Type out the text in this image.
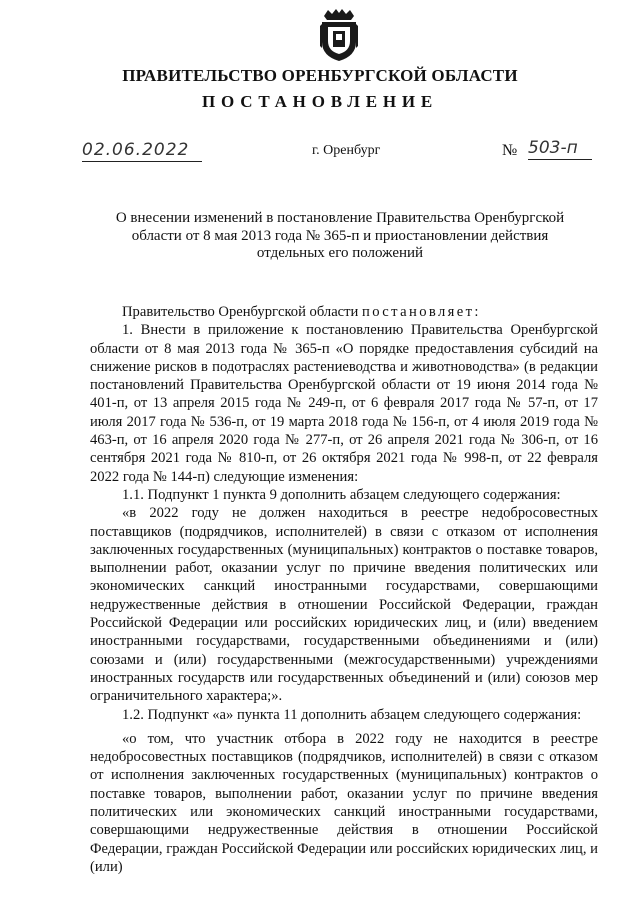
ПРАВИТЕЛЬСТВО ОРЕНБУРГСКОЙ ОБЛАСТИ
ПОСТАНОВЛЕНИЕ
02.06.2022	г. Оренбург	№ 503-п
О внесении изменений в постановление Правительства Оренбургской области от 8 мая 2013 года № 365-п и приостановлении действия отдельных его положений

Правительство Оренбургской области постановляет:

1. Внести в приложение к постановлению Правительства Оренбургской области от 8 мая 2013 года № 365-п «О порядке предоставления субсидий на снижение рисков в подотраслях растениеводства и животноводства» (в редакции постановлений Правительства Оренбургской области от 19 июня 2014 года № 401-п, от 13 апреля 2015 года № 249-п, от 6 февраля 2017 года № 57-п, от 17 июля 2017 года № 536-п, от 19 марта 2018 года № 156-п, от 4 июля 2019 года № 463-п, от 16 апреля 2020 года № 277-п, от 26 апреля 2021 года № 306-п, от 16 сентября 2021 года № 810-п, от 26 октября 2021 года № 998-п, от 22 февраля 2022 года № 144-п) следующие изменения:

1.1. Подпункт 1 пункта 9 дополнить абзацем следующего содержания:

«в 2022 году не должен находиться в реестре недобросовестных поставщиков (подрядчиков, исполнителей) в связи с отказом от исполнения заключенных государственных (муниципальных) контрактов о поставке товаров, выполнении работ, оказании услуг по причине введения политических или экономических санкций иностранными государствами, совершающими недружественные действия в отношении Российской Федерации, граждан Российской Федерации или российских юридических лиц, и (или) введением иностранными государствами, государственными объединениями и (или) союзами и (или) государственными (межгосударственными) учреждениями иностранных государств или государственных объединений и (или) союзов мер ограничительного характера;».

1.2. Подпункт «а» пункта 11 дополнить абзацем следующего содержания:

«о том, что участник отбора в 2022 году не находится в реестре недобросовестных поставщиков (подрядчиков, исполнителей) в связи с отказом от исполнения заключенных государственных (муниципальных) контрактов о поставке товаров, выполнении работ, оказании услуг по причине введения политических или экономических санкций иностранными государствами, совершающими недружественные действия в отношении Российской Федерации, граждан Российской Федерации или российских юридических лиц, и (или)
